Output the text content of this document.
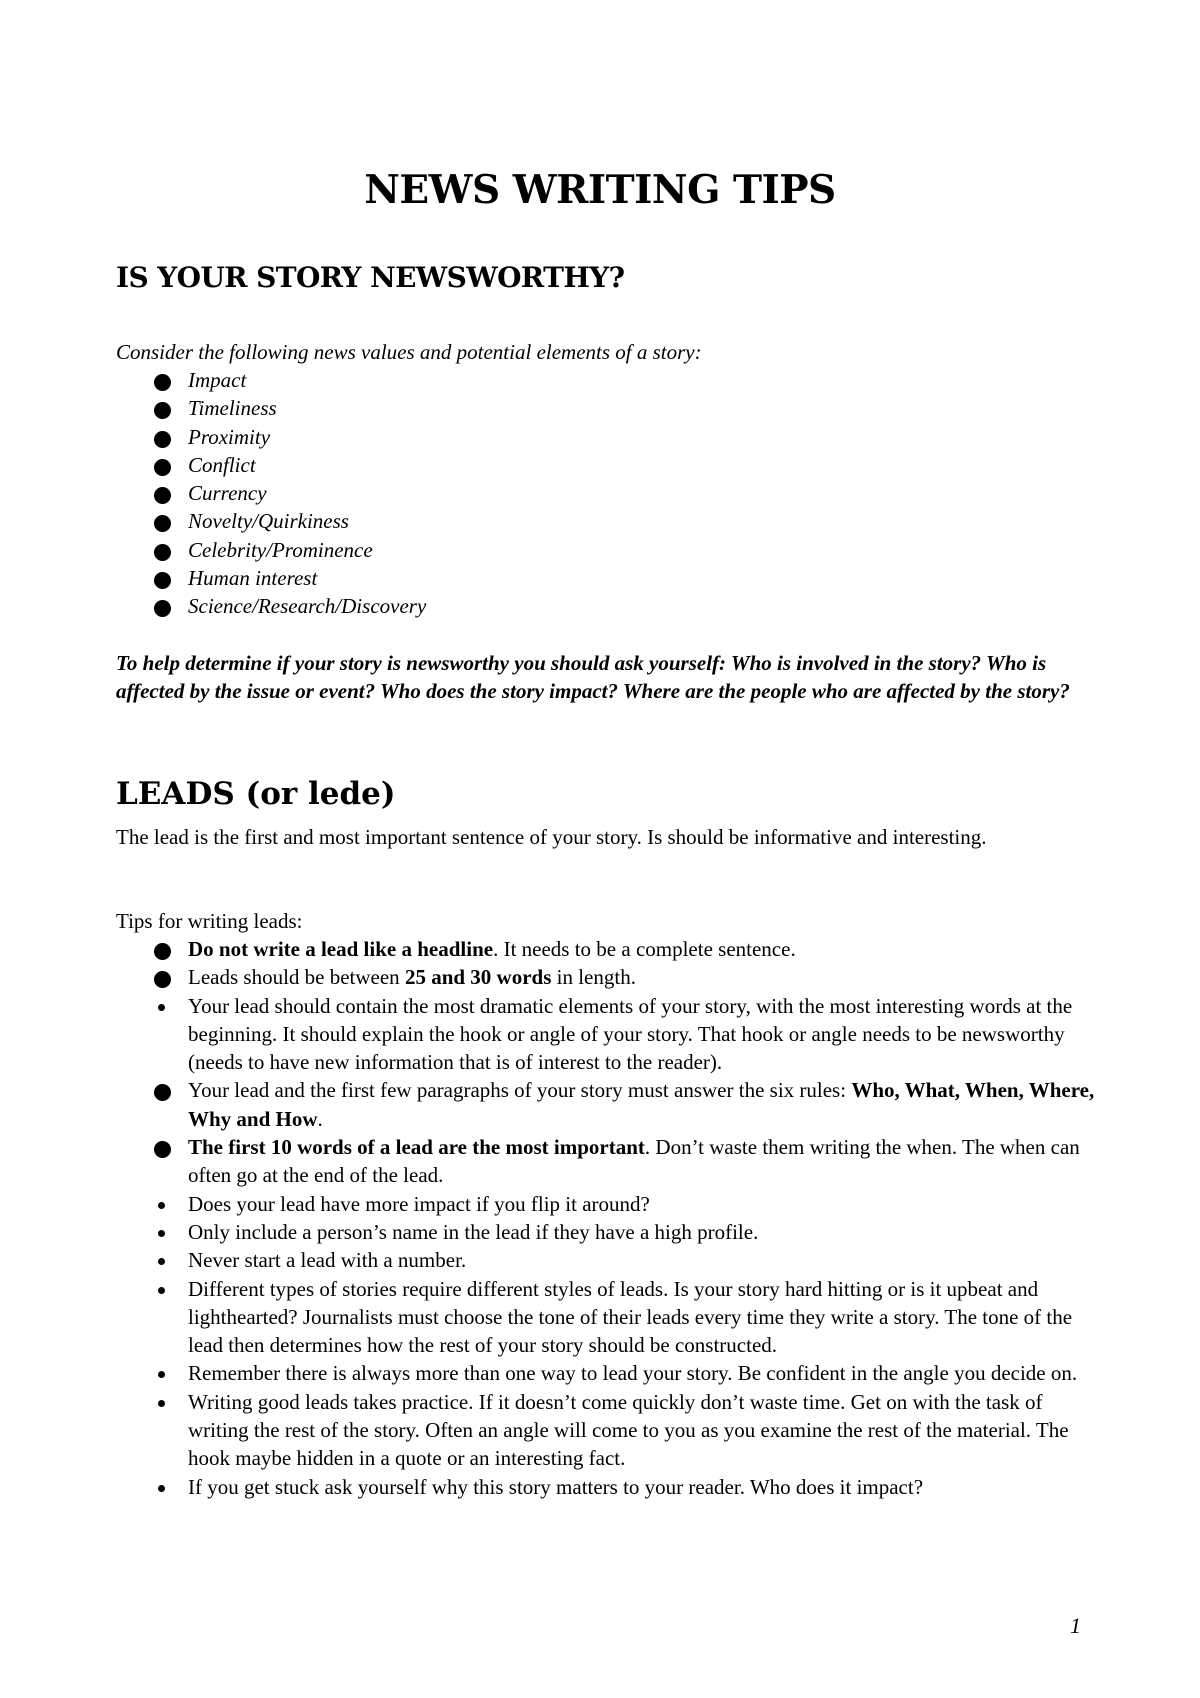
NEWS WRITING TIPS
IS YOUR STORY NEWSWORTHY?

Consider the following news values and potential elements of a story:

Impact
Timeliness
Proximity
Conflict
Currency
Novelty/Quirkiness
Celebrity/Prominence
Human interest
Science/Research/Discovery

To help determine if your story is newsworthy you should ask yourself: Who is involved in the story? Who is affected by the issue or event? Who does the story impact? Where are the people who are affected by the story?

LEADS (or lede)

The lead is the first and most important sentence of your story. Is should be informative and interesting.

Tips for writing leads:

Do not write a lead like a headline. It needs to be a complete sentence.
Leads should be between 25 and 30 words in length.
Your lead should contain the most dramatic elements of your story, with the most interesting words at the beginning. It should explain the hook or angle of your story. That hook or angle needs to be newsworthy (needs to have new information that is of interest to the reader).
Your lead and the first few paragraphs of your story must answer the six rules: Who, What, When, Where, Why and How.
The first 10 words of a lead are the most important. Don’t waste them writing the when. The when can often go at the end of the lead.
Does your lead have more impact if you flip it around?
Only include a person’s name in the lead if they have a high profile.
Never start a lead with a number.
Different types of stories require different styles of leads. Is your story hard hitting or is it upbeat and lighthearted? Journalists must choose the tone of their leads every time they write a story. The tone of the lead then determines how the rest of your story should be constructed.
Remember there is always more than one way to lead your story. Be confident in the angle you decide on.
Writing good leads takes practice. If it doesn’t come quickly don’t waste time. Get on with the task of writing the rest of the story. Often an angle will come to you as you examine the rest of the material. The hook maybe hidden in a quote or an interesting fact.
If you get stuck ask yourself why this story matters to your reader. Who does it impact?

1
